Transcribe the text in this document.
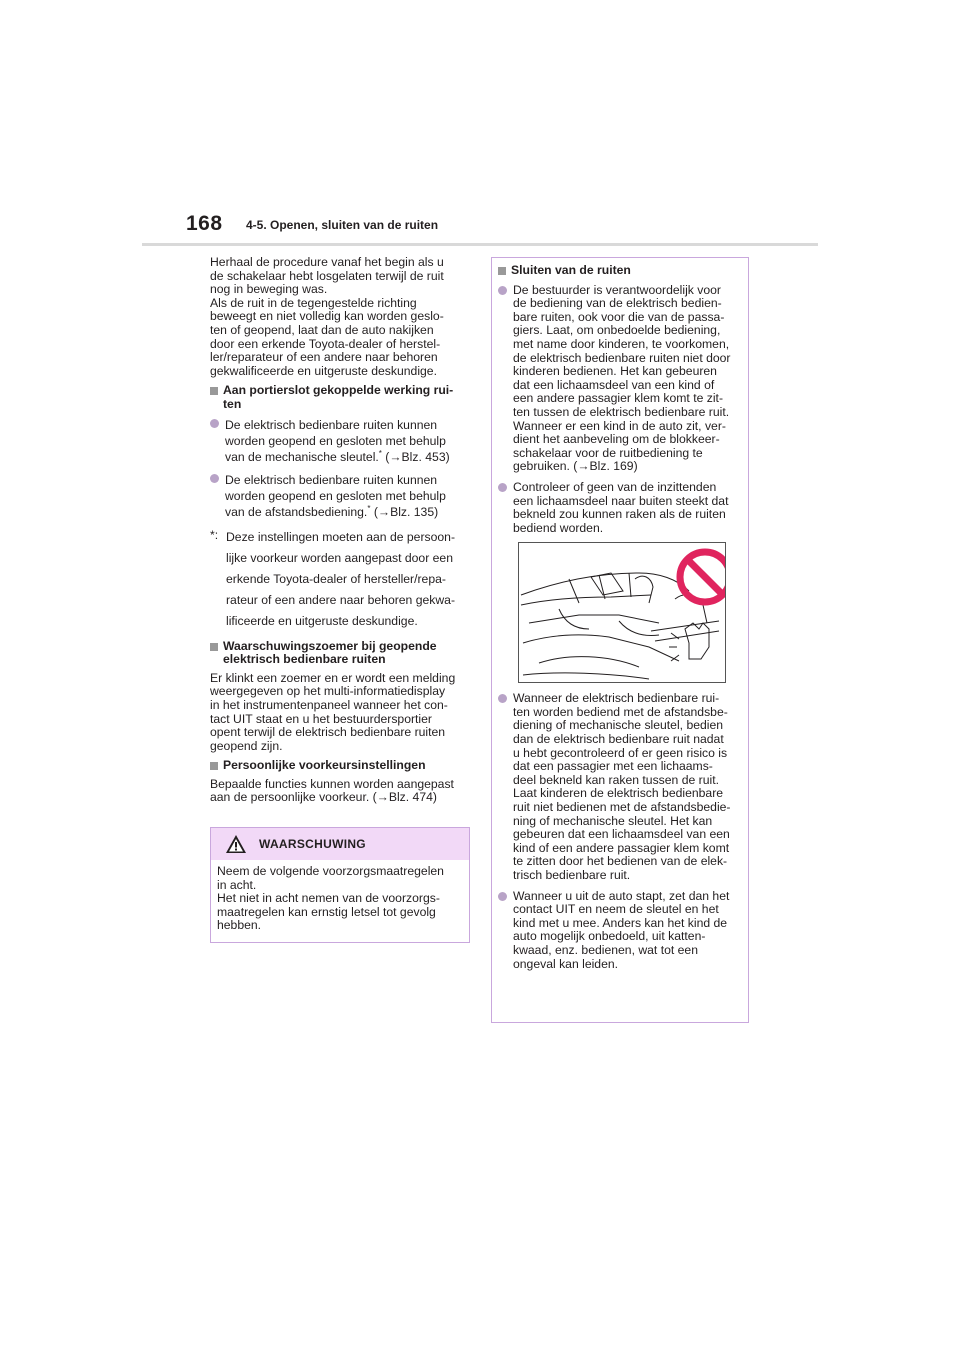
168 4-5. Openen, sluiten van de ruiten

Herhaal de procedure vanaf het begin als u
de schakelaar hebt losgelaten terwijl de ruit
nog in beweging was.
Als de ruit in de tegengestelde richting
beweegt en niet volledig kan worden geslo-
ten of geopend, laat dan de auto nakijken
door een erkende Toyota-dealer of herstel-
ler/reparateur of een andere naar behoren
gekwalificeerde en uitgeruste deskundige.

Aan portierslot gekoppelde werking rui-
ten
De elektrisch bedienbare ruiten kunnen
worden geopend en gesloten met behulp
van de mechanische sleutel.* (→Blz. 453)
De elektrisch bedienbare ruiten kunnen
worden geopend en gesloten met behulp
van de afstandsbediening.* (→Blz. 135)
*: Deze instellingen moeten aan de persoon-
lijke voorkeur worden aangepast door een
erkende Toyota-dealer of hersteller/repa-
rateur of een andere naar behoren gekwa-
lificeerde en uitgeruste deskundige.
Waarschuwingszoemer bij geopende
elektrisch bedienbare ruiten

Er klinkt een zoemer en er wordt een melding
weergegeven op het multi-informatiedisplay
in het instrumentenpaneel wanneer het con-
tact UIT staat en u het bestuurdersportier
opent terwijl de elektrisch bedienbare ruiten
geopend zijn.

Persoonlijke voorkeursinstellingen

Bepaalde functies kunnen worden aangepast
aan de persoonlijke voorkeur. (→Blz. 474)

WAARSCHUWING
Neem de volgende voorzorgsmaatregelen
in acht.
Het niet in acht nemen van de voorzorgs-
maatregelen kan ernstig letsel tot gevolg
hebben.
Sluiten van de ruiten
De bestuurder is verantwoordelijk voor
de bediening van de elektrisch bedien-
bare ruiten, ook voor die van de passa-
giers. Laat, om onbedoelde bediening,
met name door kinderen, te voorkomen,
de elektrisch bedienbare ruiten niet door
kinderen bedienen. Het kan gebeuren
dat een lichaamsdeel van een kind of
een andere passagier klem komt te zit-
ten tussen de elektrisch bedienbare ruit.
Wanneer er een kind in de auto zit, ver-
dient het aanbeveling om de blokkeer-
schakelaar voor de ruitbediening te
gebruiken. (→Blz. 169)
Controleer of geen van de inzittenden
een lichaamsdeel naar buiten steekt dat
bekneld zou kunnen raken als de ruiten
bediend worden.
Wanneer de elektrisch bedienbare rui-
ten worden bediend met de afstandsbe-
diening of mechanische sleutel, bedien
dan de elektrisch bedienbare ruit nadat
u hebt gecontroleerd of er geen risico is
dat een passagier met een lichaams-
deel bekneld kan raken tussen de ruit.
Laat kinderen de elektrisch bedienbare
ruit niet bedienen met de afstandsbedie-
ning of mechanische sleutel. Het kan
gebeuren dat een lichaamsdeel van een
kind of een andere passagier klem komt
te zitten door het bedienen van de elek-
trisch bedienbare ruit.
Wanneer u uit de auto stapt, zet dan het
contact UIT en neem de sleutel en het
kind met u mee. Anders kan het kind de
auto mogelijk onbedoeld, uit katten-
kwaad, enz. bedienen, wat tot een
ongeval kan leiden.
